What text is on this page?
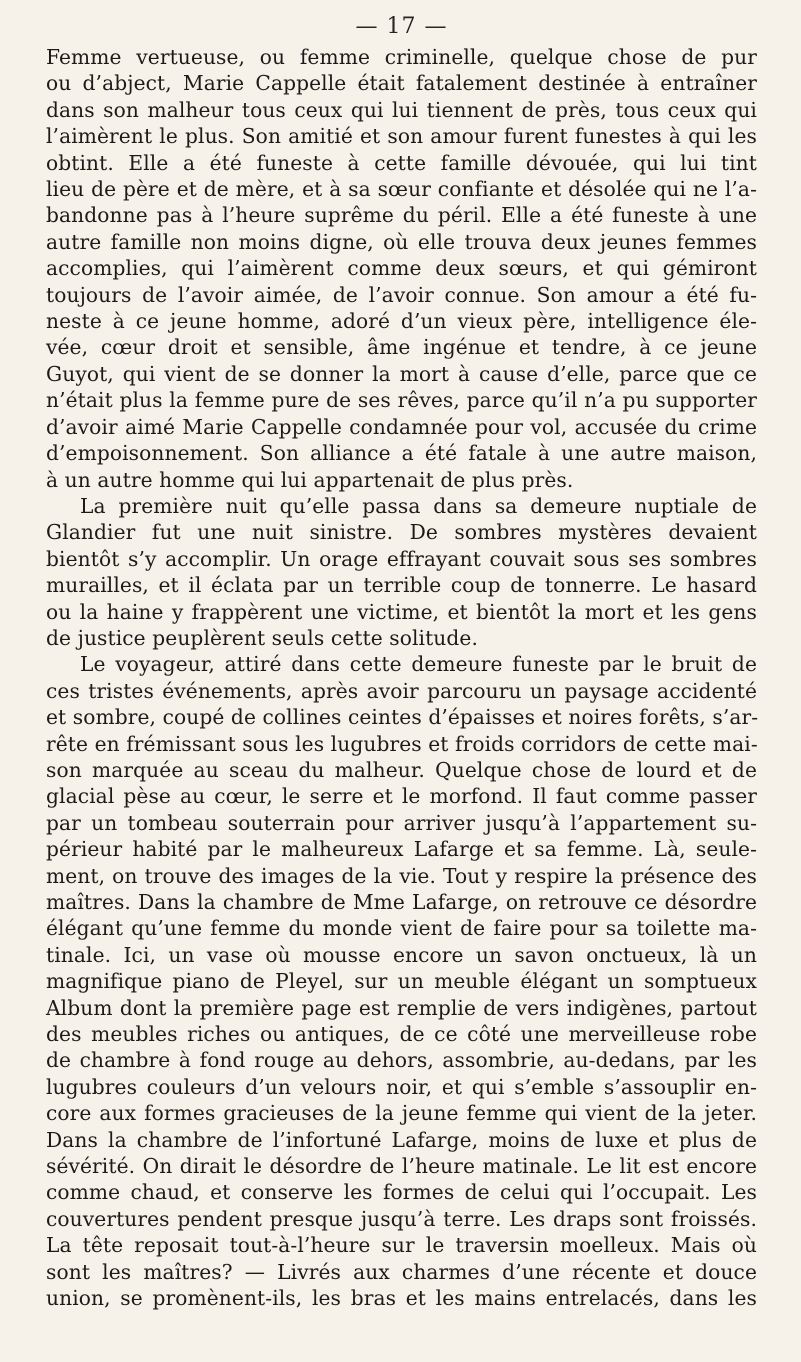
— 17 —
Femme vertueuse, ou femme criminelle, quelque chose de pur
ou d’abject, Marie Cappelle était fatalement destinée à entraîner
dans son malheur tous ceux qui lui tiennent de près, tous ceux qui
l’aimèrent le plus. Son amitié et son amour furent funestes à qui les
obtint. Elle a été funeste à cette famille dévouée, qui lui tint
lieu de père et de mère, et à sa sœur confiante et désolée qui ne l’a-
bandonne pas à l’heure suprême du péril. Elle a été funeste à une
autre famille non moins digne, où elle trouva deux jeunes femmes
accomplies, qui l’aimèrent comme deux sœurs, et qui gémiront
toujours de l’avoir aimée, de l’avoir connue. Son amour a été fu-
neste à ce jeune homme, adoré d’un vieux père, intelligence éle-
vée, cœur droit et sensible, âme ingénue et tendre, à ce jeune
Guyot, qui vient de se donner la mort à cause d’elle, parce que ce
n’était plus la femme pure de ses rêves, parce qu’il n’a pu supporter
d’avoir aimé Marie Cappelle condamnée pour vol, accusée du crime
d’empoisonnement. Son alliance a été fatale à une autre maison,
à un autre homme qui lui appartenait de plus près.
La première nuit qu’elle passa dans sa demeure nuptiale de
Glandier fut une nuit sinistre. De sombres mystères devaient
bientôt s’y accomplir. Un orage effrayant couvait sous ses sombres
murailles, et il éclata par un terrible coup de tonnerre. Le hasard
ou la haine y frappèrent une victime, et bientôt la mort et les gens
de justice peuplèrent seuls cette solitude.
Le voyageur, attiré dans cette demeure funeste par le bruit de
ces tristes événements, après avoir parcouru un paysage accidenté
et sombre, coupé de collines ceintes d’épaisses et noires forêts, s’ar-
rête en frémissant sous les lugubres et froids corridors de cette mai-
son marquée au sceau du malheur. Quelque chose de lourd et de
glacial pèse au cœur, le serre et le morfond. Il faut comme passer
par un tombeau souterrain pour arriver jusqu’à l’appartement su-
périeur habité par le malheureux Lafarge et sa femme. Là, seule-
ment, on trouve des images de la vie. Tout y respire la présence des
maîtres. Dans la chambre de Mme Lafarge, on retrouve ce désordre
élégant qu’une femme du monde vient de faire pour sa toilette ma-
tinale. Ici, un vase où mousse encore un savon onctueux, là un
magnifique piano de Pleyel, sur un meuble élégant un somptueux
Album dont la première page est remplie de vers indigènes, partout
des meubles riches ou antiques, de ce côté une merveilleuse robe
de chambre à fond rouge au dehors, assombrie, au-dedans, par les
lugubres couleurs d’un velours noir, et qui s’emble s’assouplir en-
core aux formes gracieuses de la jeune femme qui vient de la jeter.
Dans la chambre de l’infortuné Lafarge, moins de luxe et plus de
sévérité. On dirait le désordre de l’heure matinale. Le lit est encore
comme chaud, et conserve les formes de celui qui l’occupait. Les
couvertures pendent presque jusqu’à terre. Les draps sont froissés.
La tête reposait tout-à-l’heure sur le traversin moelleux. Mais où
sont les maîtres? — Livrés aux charmes d’une récente et douce
union, se promènent-ils, les bras et les mains entrelacés, dans les
